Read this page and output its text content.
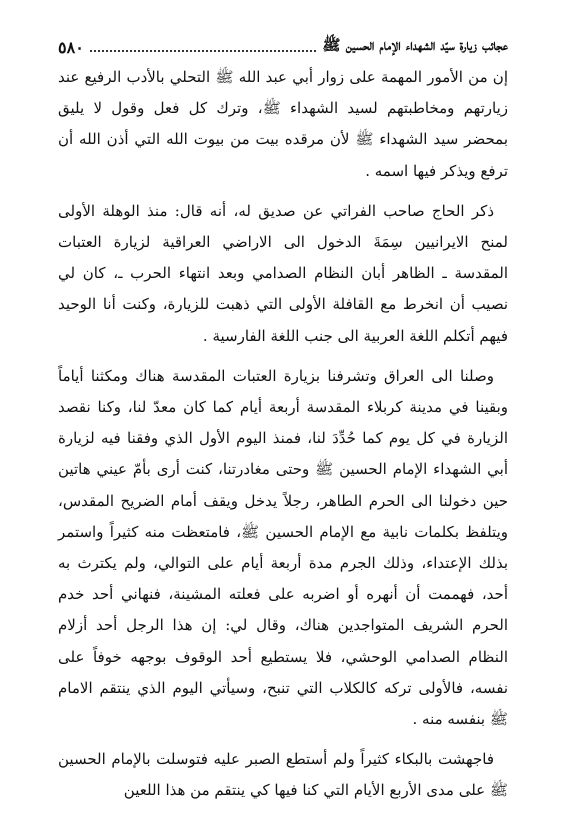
عجائب زيارة سيّد الشهداء الإمام الحسين ﷺ
٥٨٠

إن من الأمور المهمة على زوار أبي عبد الله ﷺ التحلي بالأدب الرفيع عند زيارتهم ومخاطبتهم لسيد الشهداء ﷺ، وترك كل فعل وقول لا يليق بمحضر سيد الشهداء ﷺ لأن مرقده بيت من بيوت الله التي أذن الله أن ترفع ويذكر فيها اسمه .

ذكر الحاج صاحب الفراتي عن صديق له، أنه قال: منذ الوهلة الأولى لمنح الايرانيين سِمَةَ الدخول الى الاراضي العراقية لزيارة العتبات المقدسة ـ الظاهر أبان النظام الصدامي وبعد انتهاء الحرب ـ، كان لي نصيب أن انخرط مع القافلة الأولى التي ذهبت للزيارة، وكنت أنا الوحيد فيهم أتكلم اللغة العربية الى جنب اللغة الفارسية .

وصلنا الى العراق وتشرفنا بزيارة العتبات المقدسة هناك ومكثنا أياماً وبقينا في مدينة كربلاء المقدسة أربعة أيام كما كان معدّ لنا، وكنا نقصد الزيارة في كل يوم كما حُدِّدَ لنا، فمنذ اليوم الأول الذي وفقنا فيه لزيارة أبي الشهداء الإمام الحسين ﷺ وحتى مغادرتنا، كنت أرى بأمّ عيني هاتين حين دخولنا الى الحرم الطاهر، رجلاً يدخل ويقف أمام الضريح المقدس، ويتلفظ بكلمات نابية مع الإمام الحسين ﷺ، فامتعظت منه كثيراً واستمر بذلك الإعتداء، وذلك الجرم مدة أربعة أيام على التوالي، ولم يكترث به أحد، فهممت أن أنهره أو اضربه على فعلته المشينة، فنهاني أحد خدم الحرم الشريف المتواجدين هناك، وقال لي: إن هذا الرجل أحد أزلام النظام الصدامي الوحشي، فلا يستطيع أحد الوقوف بوجهه خوفاً على نفسه، فالأولى تركه كالكلاب التي تنبح، وسيأتي اليوم الذي ينتقم الامام ﷺ بنفسه منه .

فاجهشت بالبكاء كثيراً ولم أستطع الصبر عليه فتوسلت بالإمام الحسين ﷺ على مدى الأربع الأيام التي كنا فيها كي ينتقم من هذا اللعين
